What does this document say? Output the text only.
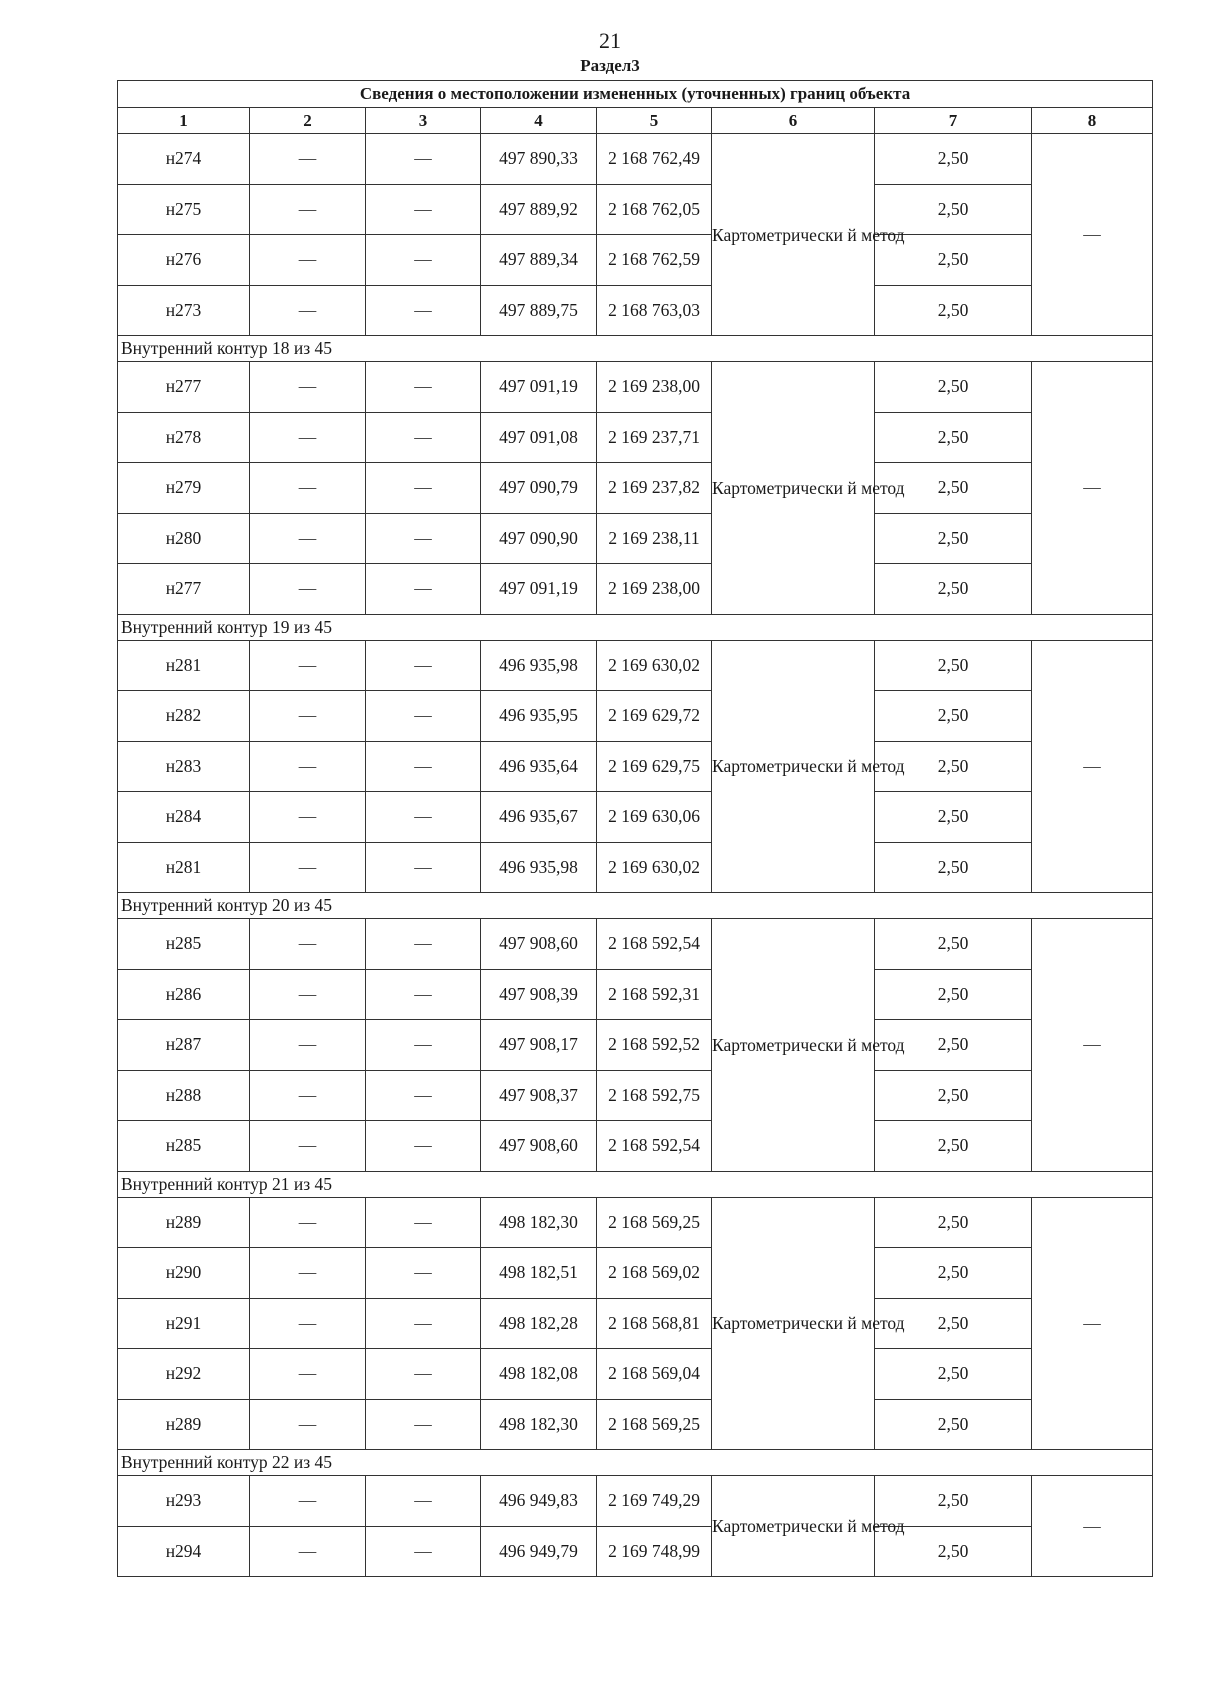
21
Раздел3
Сведения о местоположении измененных (уточненных) границ объекта							
1	2	3	4	5	6	7	8
н274	—	—	497 890,33	2 168 762,49	Картометрически й метод	2,50	—
н275	—	—	497 889,92	2 168 762,05		2,50	
н276	—	—	497 889,34	2 168 762,59		2,50	
н273	—	—	497 889,75	2 168 763,03		2,50	
Внутренний контур 18 из 45							
н277	—	—	497 091,19	2 169 238,00	Картометрически й метод	2,50	—
н278	—	—	497 091,08	2 169 237,71		2,50	
н279	—	—	497 090,79	2 169 237,82		2,50	
н280	—	—	497 090,90	2 169 238,11		2,50	
н277	—	—	497 091,19	2 169 238,00		2,50	
Внутренний контур 19 из 45							
н281	—	—	496 935,98	2 169 630,02	Картометрически й метод	2,50	—
н282	—	—	496 935,95	2 169 629,72		2,50	
н283	—	—	496 935,64	2 169 629,75		2,50	
н284	—	—	496 935,67	2 169 630,06		2,50	
н281	—	—	496 935,98	2 169 630,02		2,50	
Внутренний контур 20 из 45							
н285	—	—	497 908,60	2 168 592,54	Картометрически й метод	2,50	—
н286	—	—	497 908,39	2 168 592,31		2,50	
н287	—	—	497 908,17	2 168 592,52		2,50	
н288	—	—	497 908,37	2 168 592,75		2,50	
н285	—	—	497 908,60	2 168 592,54		2,50	
Внутренний контур 21 из 45							
н289	—	—	498 182,30	2 168 569,25	Картометрически й метод	2,50	—
н290	—	—	498 182,51	2 168 569,02		2,50	
н291	—	—	498 182,28	2 168 568,81		2,50	
н292	—	—	498 182,08	2 168 569,04		2,50	
н289	—	—	498 182,30	2 168 569,25		2,50	
Внутренний контур 22 из 45							
н293	—	—	496 949,83	2 169 749,29	Картометрически й метод	2,50	—
н294	—	—	496 949,79	2 169 748,99		2,50	
